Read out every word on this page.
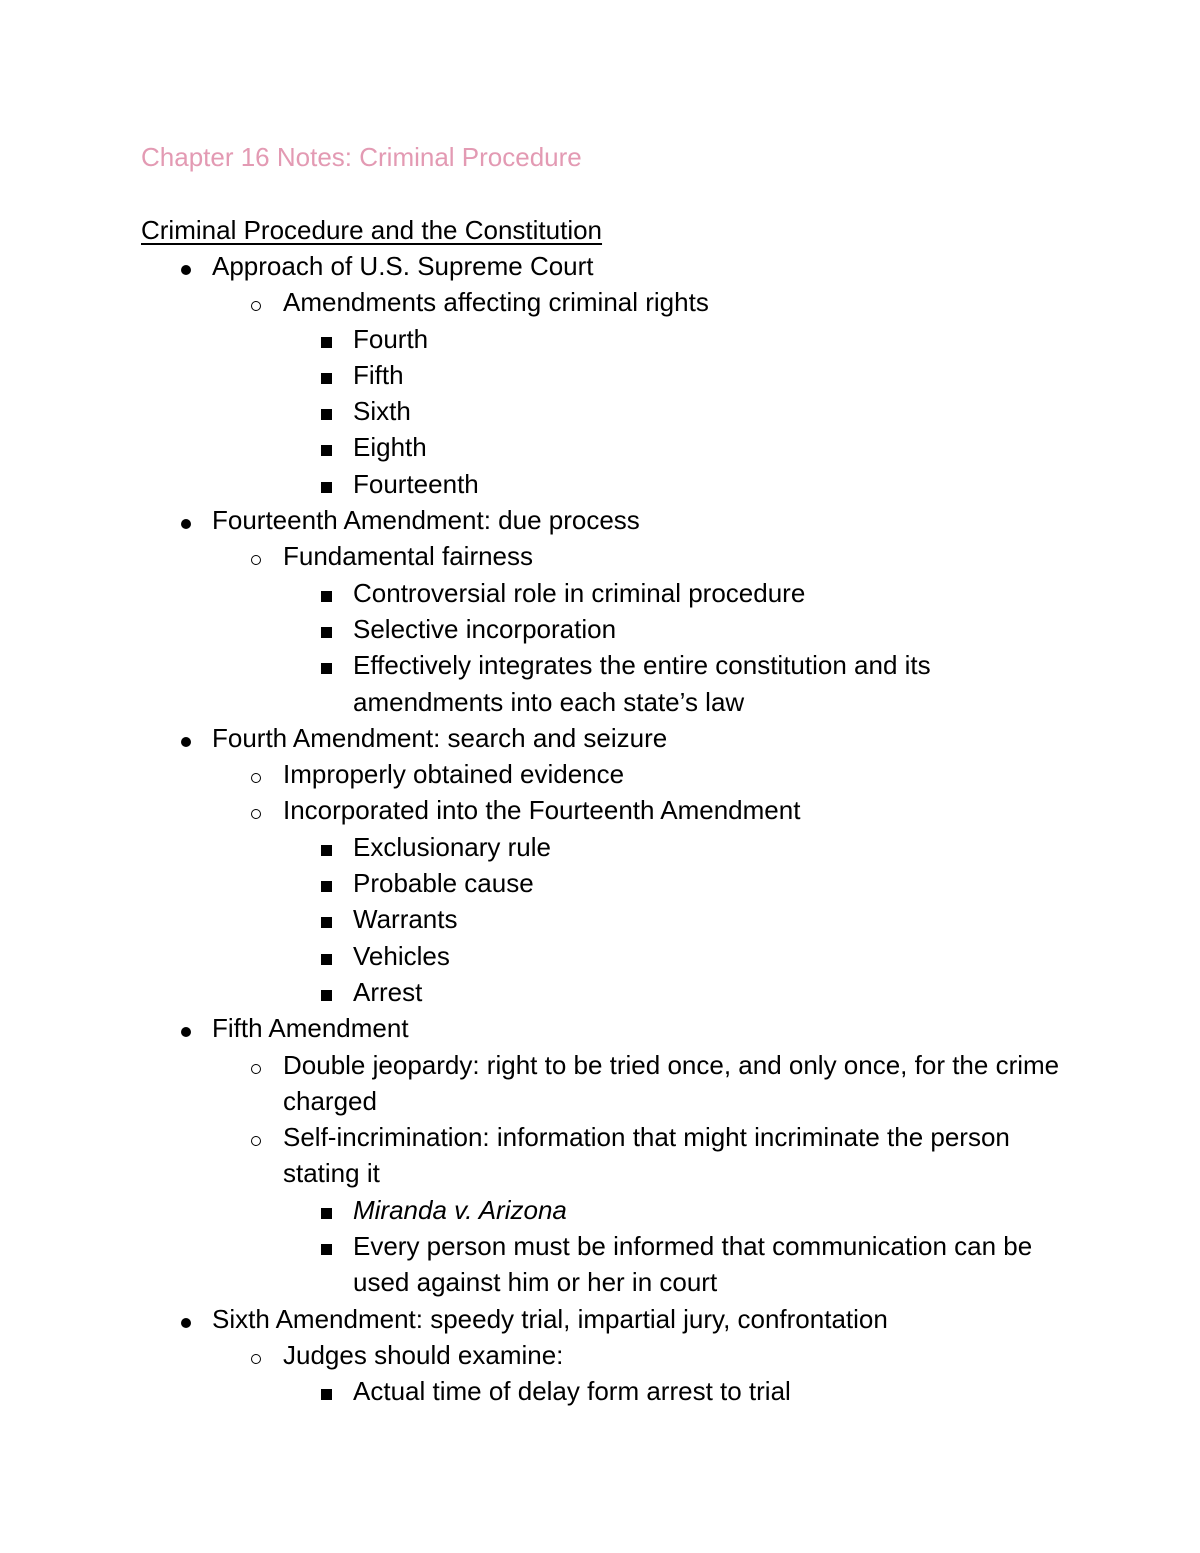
Chapter 16 Notes: Criminal Procedure
Criminal Procedure and the Constitution
Approach of U.S. Supreme Court
Amendments affecting criminal rights
Fourth
Fifth
Sixth
Eighth
Fourteenth
Fourteenth Amendment: due process
Fundamental fairness
Controversial role in criminal procedure
Selective incorporation
Effectively integrates the entire constitution and its amendments into each state’s law
Fourth Amendment: search and seizure
Improperly obtained evidence
Incorporated into the Fourteenth Amendment
Exclusionary rule
Probable cause
Warrants
Vehicles
Arrest
Fifth Amendment
Double jeopardy: right to be tried once, and only once, for the crime charged
Self-incrimination: information that might incriminate the person stating it
Miranda v. Arizona
Every person must be informed that communication can be used against him or her in court
Sixth Amendment: speedy trial, impartial jury, confrontation
Judges should examine:
Actual time of delay form arrest to trial
